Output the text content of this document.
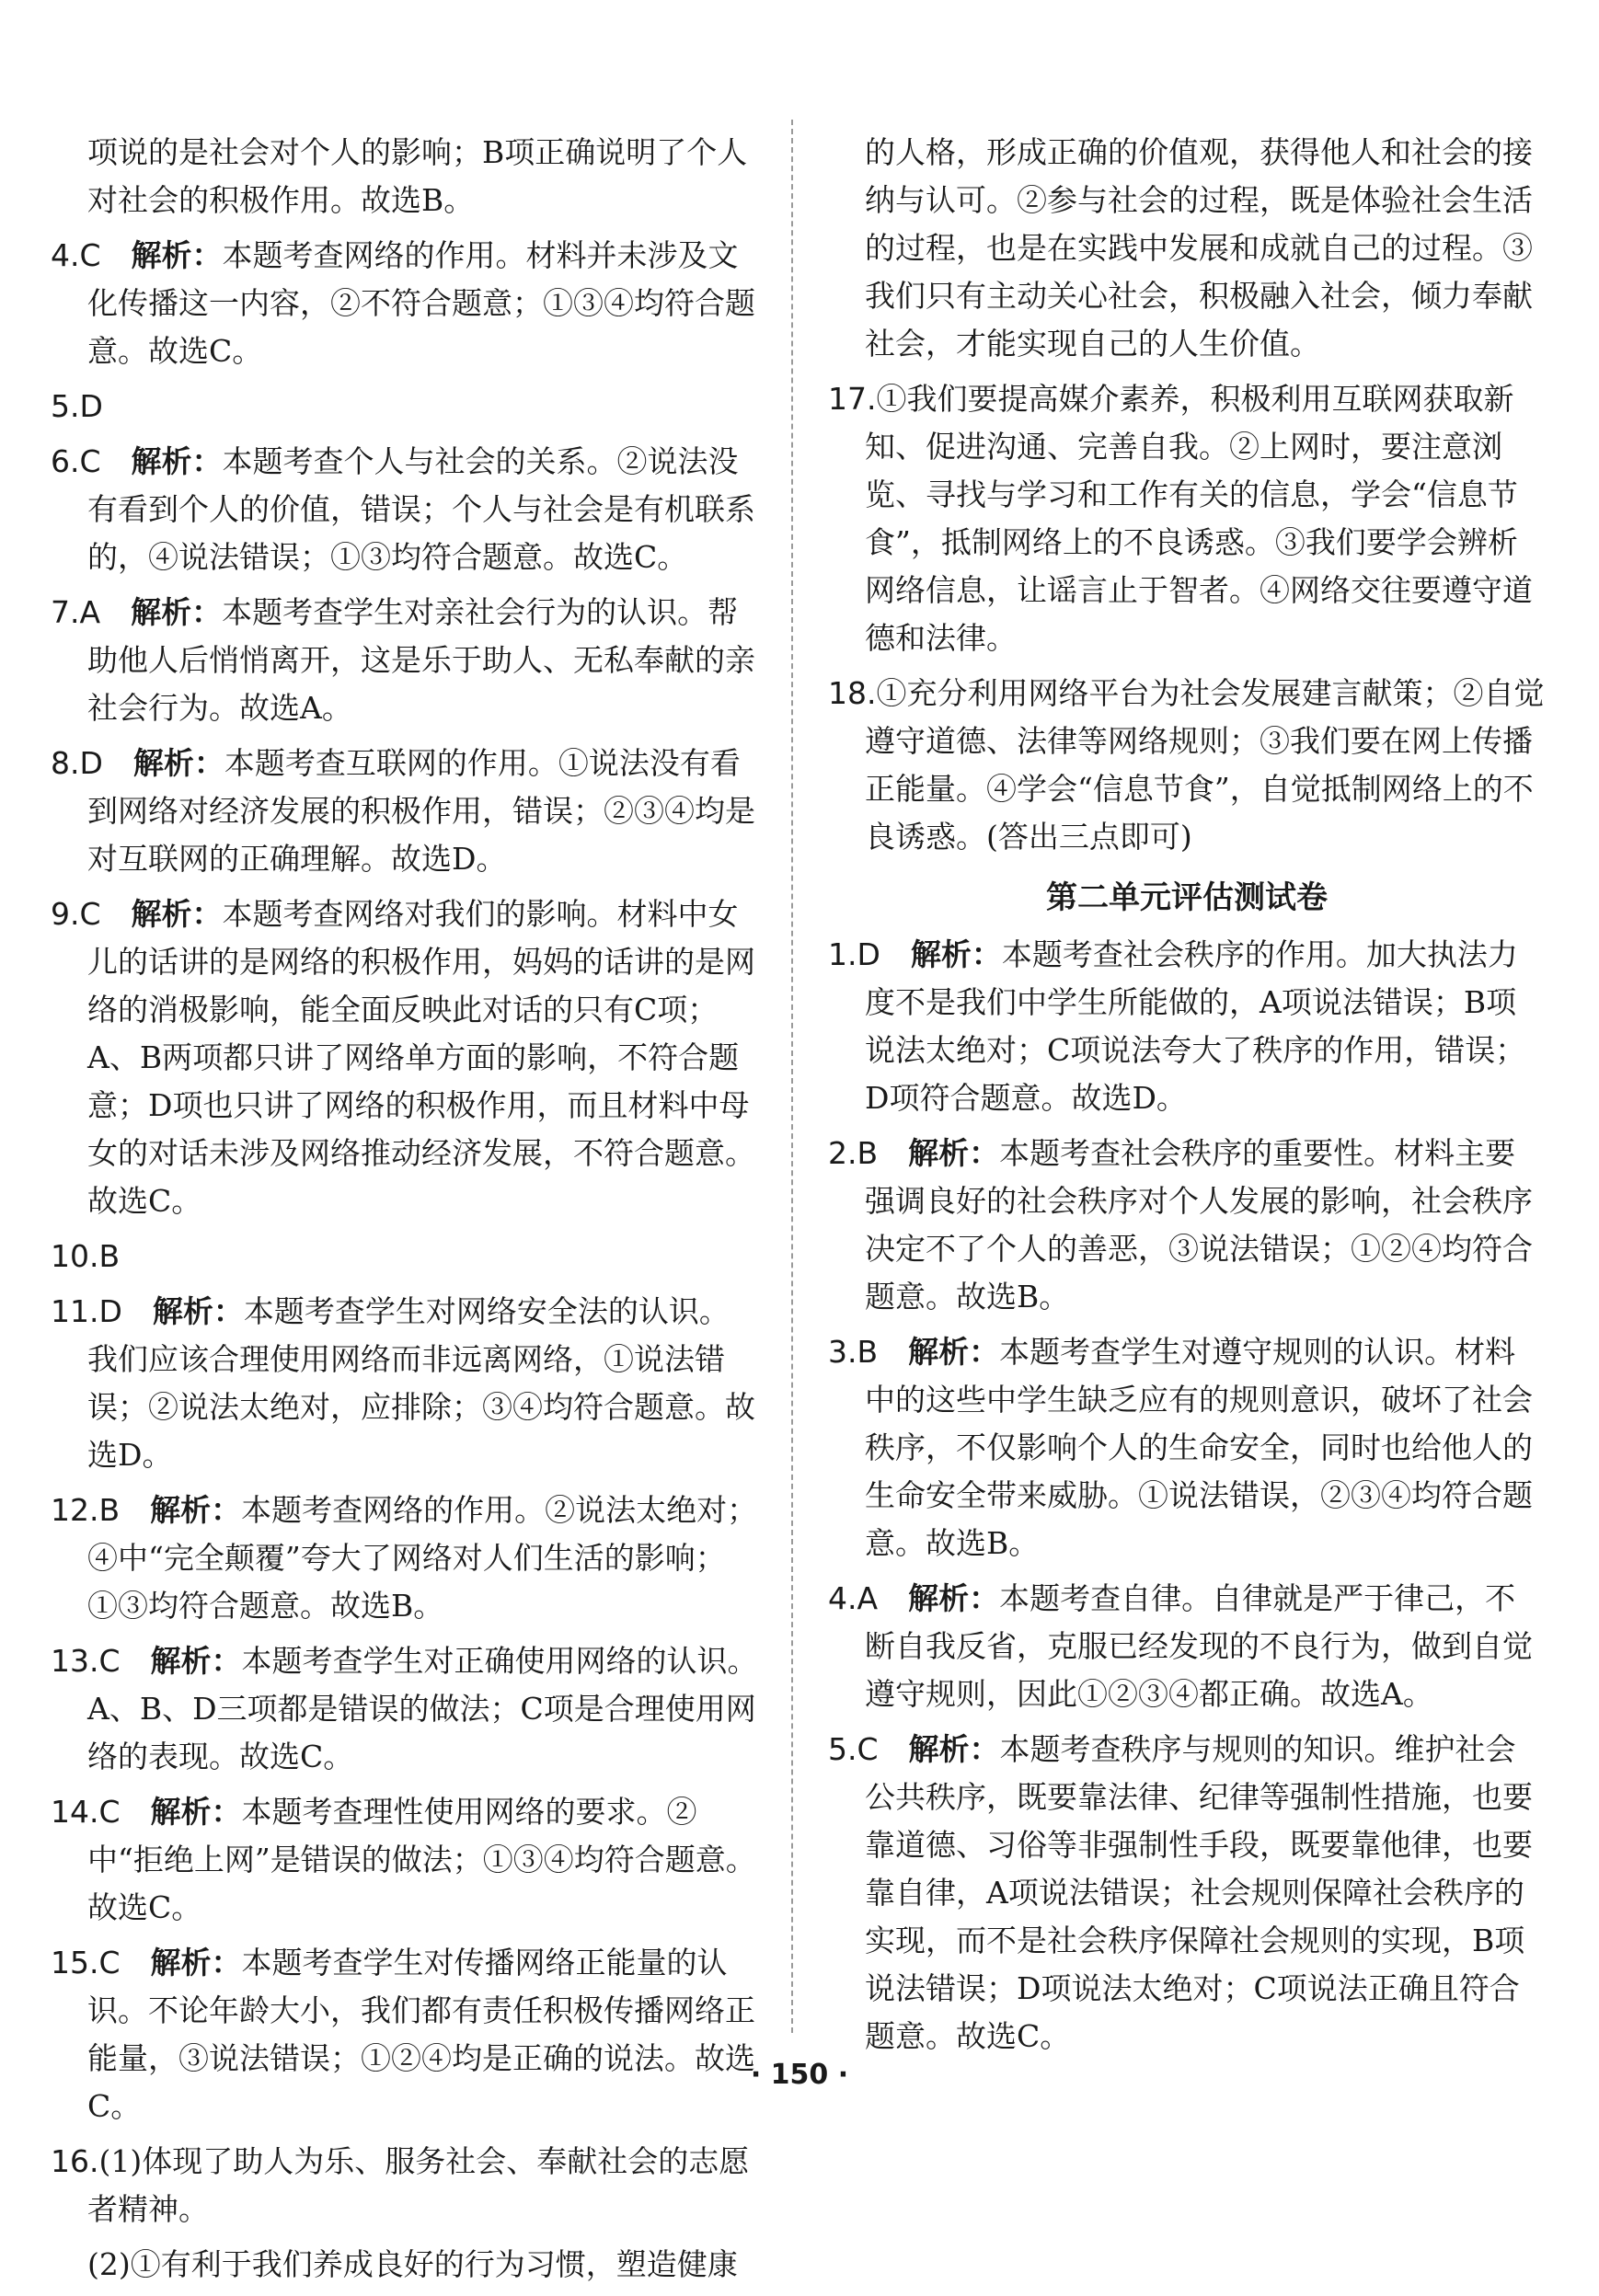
项说的是社会对个人的影响；B项正确说明了个人对社会的积极作用。故选B。
4.C　 解析：本题考查网络的作用。材料并未涉及文化传播这一内容，②不符合题意；①③④均符合题意。故选C。
5.D
6.C　 解析：本题考查个人与社会的关系。②说法没有看到个人的价值，错误；个人与社会是有机联系的，④说法错误；①③均符合题意。故选C。
7.A　 解析：本题考查学生对亲社会行为的认识。帮助他人后悄悄离开，这是乐于助人、无私奉献的亲社会行为。故选A。
8.D　 解析：本题考查互联网的作用。①说法没有看到网络对经济发展的积极作用，错误；②③④均是对互联网的正确理解。故选D。
9.C　 解析：本题考查网络对我们的影响。材料中女儿的话讲的是网络的积极作用，妈妈的话讲的是网络的消极影响，能全面反映此对话的只有C项；A、B两项都只讲了网络单方面的影响，不符合题意；D项也只讲了网络的积极作用，而且材料中母女的对话未涉及网络推动经济发展，不符合题意。故选C。
10.B
11.D　 解析：本题考查学生对网络安全法的认识。我们应该合理使用网络而非远离网络，①说法错误；②说法太绝对，应排除；③④均符合题意。故选D。
12.B　 解析：本题考查网络的作用。②说法太绝对；④中“完全颠覆”夸大了网络对人们生活的影响；①③均符合题意。故选B。
13.C　 解析：本题考查学生对正确使用网络的认识。A、B、D三项都是错误的做法；C项是合理使用网络的表现。故选C。
14.C　 解析：本题考查理性使用网络的要求。②中“拒绝上网”是错误的做法；①③④均符合题意。故选C。
15.C　 解析：本题考查学生对传播网络正能量的认识。不论年龄大小，我们都有责任积极传播网络正能量，③说法错误；①②④均是正确的说法。故选C。
16.(1)体现了助人为乐、服务社会、奉献社会的志愿者精神。
(2)①有利于我们养成良好的行为习惯，塑造健康
的人格，形成正确的价值观，获得他人和社会的接纳与认可。②参与社会的过程，既是体验社会生活的过程，也是在实践中发展和成就自己的过程。③我们只有主动关心社会，积极融入社会，倾力奉献社会，才能实现自己的人生价值。
17.①我们要提高媒介素养，积极利用互联网获取新知、促进沟通、完善自我。②上网时，要注意浏览、寻找与学习和工作有关的信息，学会“信息节食”，抵制网络上的不良诱惑。③我们要学会辨析网络信息，让谣言止于智者。④网络交往要遵守道德和法律。
18.①充分利用网络平台为社会发展建言献策；②自觉遵守道德、法律等网络规则；③我们要在网上传播正能量。④学会“信息节食”，自觉抵制网络上的不良诱惑。(答出三点即可)
第二单元评估测试卷
1.D　 解析：本题考查社会秩序的作用。加大执法力度不是我们中学生所能做的，A项说法错误；B项说法太绝对；C项说法夸大了秩序的作用，错误；D项符合题意。故选D。
2.B　 解析：本题考查社会秩序的重要性。材料主要强调良好的社会秩序对个人发展的影响，社会秩序决定不了个人的善恶，③说法错误；①②④均符合题意。故选B。
3.B　 解析：本题考查学生对遵守规则的认识。材料中的这些中学生缺乏应有的规则意识，破坏了社会秩序，不仅影响个人的生命安全，同时也给他人的生命安全带来威胁。①说法错误，②③④均符合题意。故选B。
4.A　 解析：本题考查自律。自律就是严于律己，不断自我反省，克服已经发现的不良行为，做到自觉遵守规则，因此①②③④都正确。故选A。
5.C　 解析：本题考查秩序与规则的知识。维护社会公共秩序，既要靠法律、纪律等强制性措施，也要靠道德、习俗等非强制性手段，既要靠他律，也要靠自律，A项说法错误；社会规则保障社会秩序的实现，而不是社会秩序保障社会规则的实现，B项说法错误；D项说法太绝对；C项说法正确且符合题意。故选C。
· 150 ·
